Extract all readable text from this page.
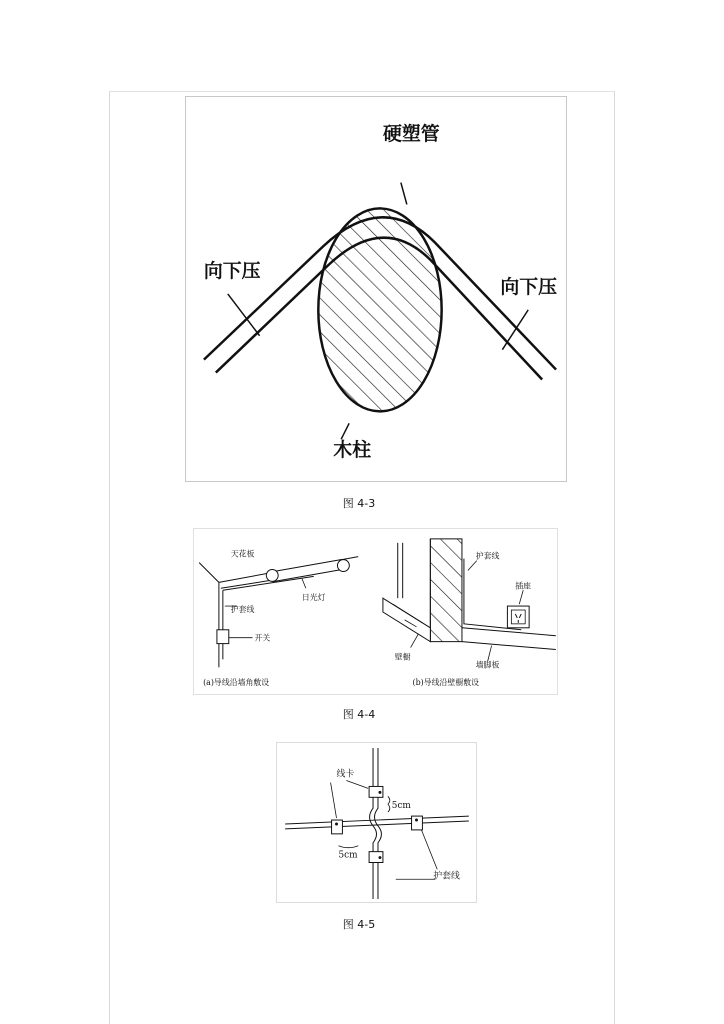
硬塑管
向下压
向下压
木柱
图 4-3
天花板
日光灯
护套线
开关
(a)导线沿墙角敷设
护套线
插座
壁橱
墙脚板
(b)导线沿壁橱敷设
图 4-4
线卡
5cm
5cm
护套线
图 4-5
